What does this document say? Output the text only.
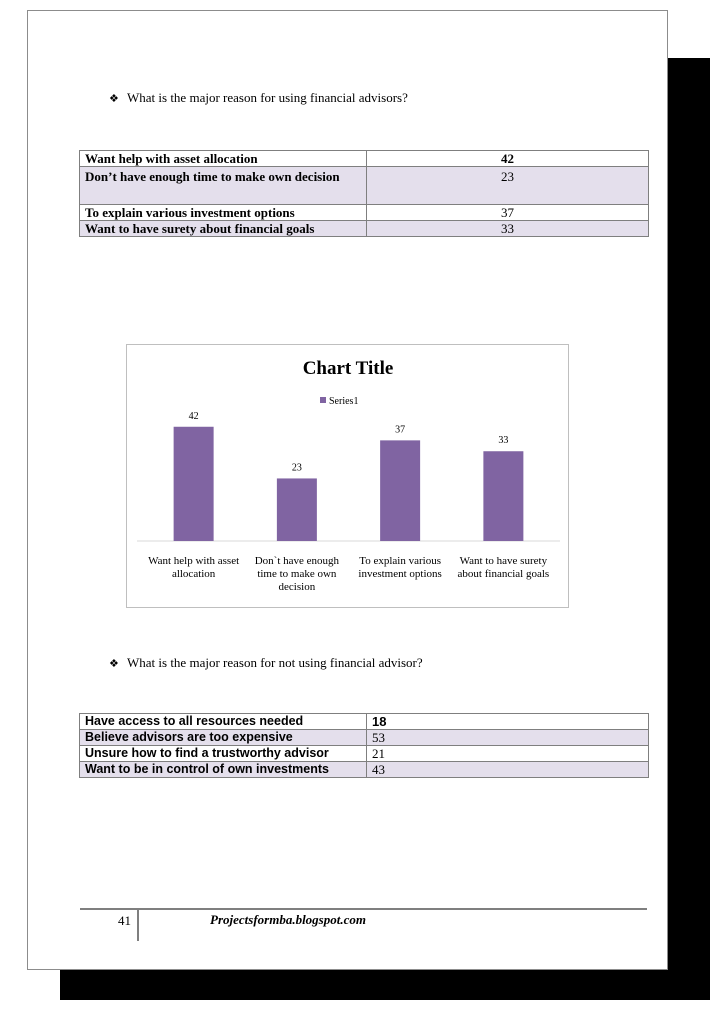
❖ What is the major reason for using financial advisors?
Want help with asset allocation	42
Don’t have enough time to make own decision	23
To explain various investment options	37
Want to have surety about financial goals	33
Chart Title
Series1
42
Want help with asset
allocation
23
Don`t have enough
time to make own
decision
37
To explain various
investment options
33
Want to have surety
about financial goals
❖ What is the major reason for not using financial advisor?
Have access to all resources needed	18
Believe advisors are too expensive	53
Unsure how to find a trustworthy advisor	21
Want to be in control of own investments	43
41	Projectsformba.blogspot.com
